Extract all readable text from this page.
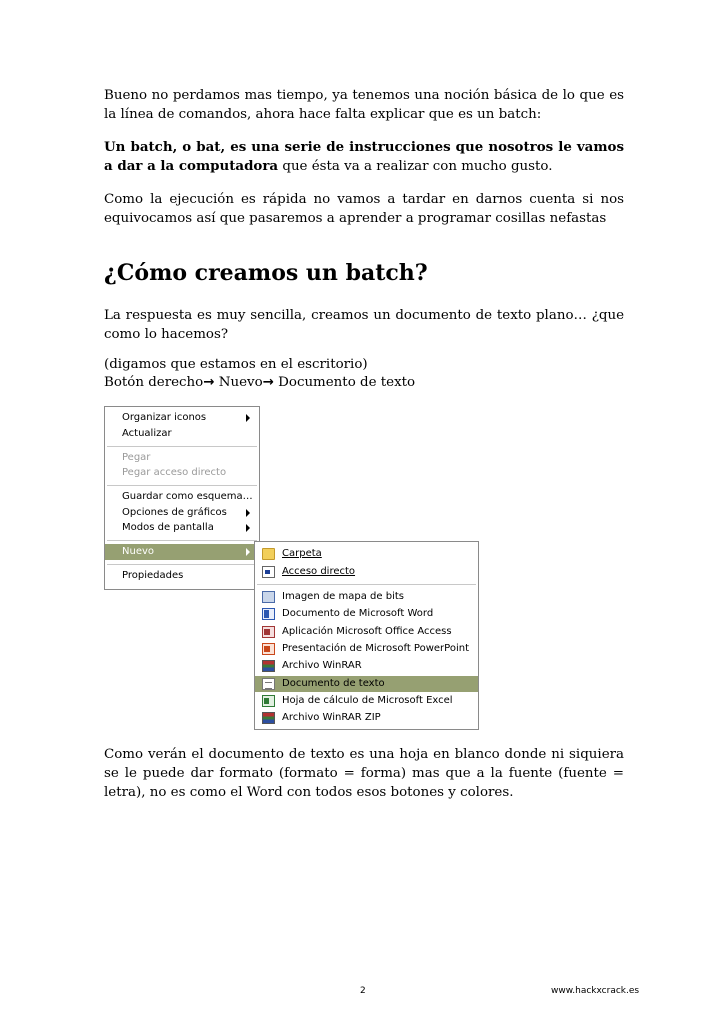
Bueno no perdamos mas tiempo, ya tenemos una noción básica de lo que es la línea de comandos, ahora hace falta explicar que es un batch:

Un batch, o bat, es una serie de instrucciones que nosotros le vamos a dar a la computadora que ésta va a realizar con mucho gusto.

Como la ejecución es rápida no vamos a tardar en darnos cuenta si nos equivocamos así que pasaremos a aprender a programar cosillas nefastas

¿Cómo creamos un batch?

La respuesta es muy sencilla, creamos un documento de texto plano… ¿que como lo hacemos?

(digamos que estamos en el escritorio)
Botón derecho→ Nuevo→ Documento de texto
Organizar iconos
Actualizar
Pegar
Pegar acceso directo
Guardar como esquema…
Opciones de gráficos
Modos de pantalla
Nuevo
Propiedades
Carpeta
Acceso directo
Imagen de mapa de bits
Documento de Microsoft Word
Aplicación Microsoft Office Access
Presentación de Microsoft PowerPoint
Archivo WinRAR
Documento de texto
Hoja de cálculo de Microsoft Excel
Archivo WinRAR ZIP

Como verán el documento de texto es una hoja en blanco donde ni siquiera se le puede dar formato (formato = forma) mas que a la fuente (fuente = letra), no es como el Word con todos esos botones y colores.

2	www.hackxcrack.es
